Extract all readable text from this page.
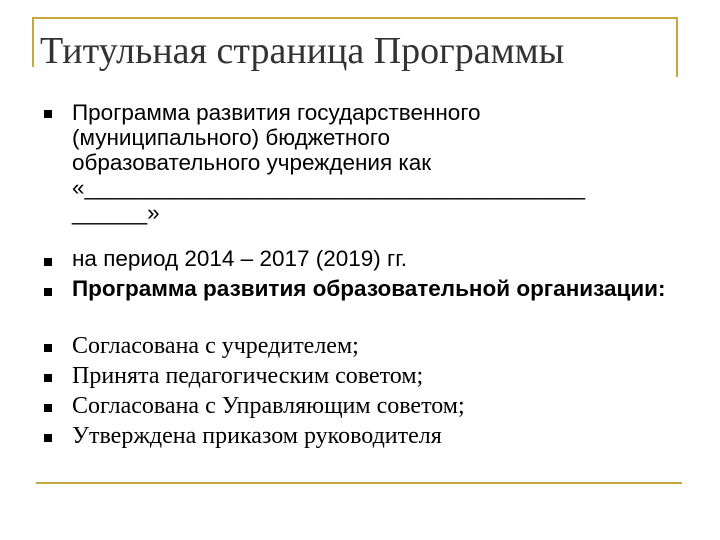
Титульная страница Программы
Программа развития государственного
(муниципального) бюджетного
образовательного учреждения как
«________________________________________
______»
на период 2014 – 2017 (2019) гг.
Программа развития образовательной организации:
Согласована с учредителем;
Принята педагогическим советом;
Согласована с Управляющим советом;
Утверждена приказом руководителя
